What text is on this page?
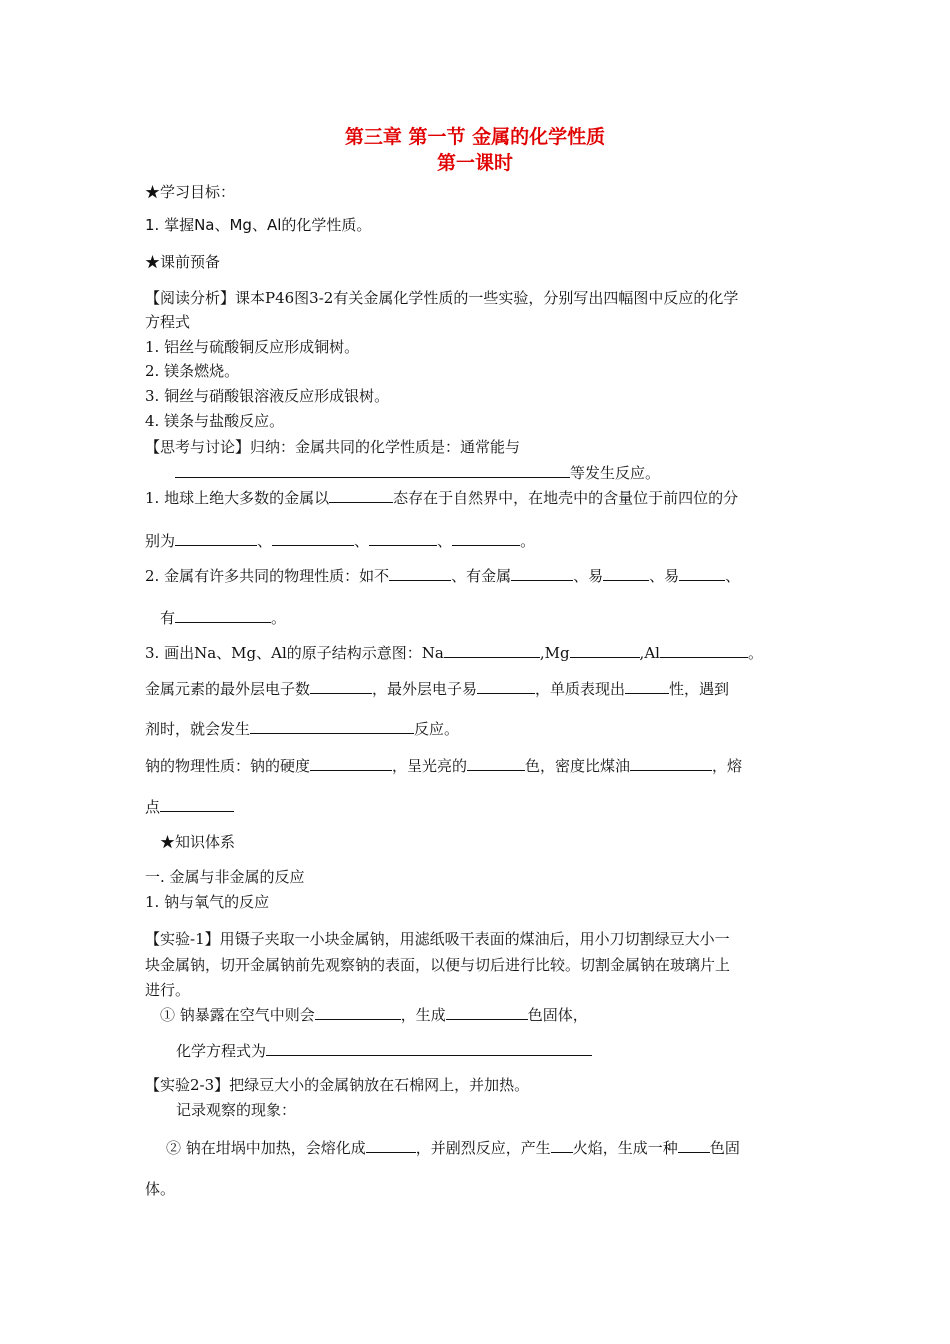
第三章 第一节 金属的化学性质
第一课时
★学习目标：
1. 掌握Na、Mg、Al的化学性质。
★课前预备
【阅读分析】课本P46图3-2有关金属化学性质的一些实验，分别写出四幅图中反应的化学
方程式
1. 铝丝与硫酸铜反应形成铜树。
2. 镁条燃烧。
3. 铜丝与硝酸银溶液反应形成银树。
4. 镁条与盐酸反应。
【思考与讨论】归纳：金属共同的化学性质是：通常能与
等发生反应。
1. 地球上绝大多数的金属以	态存在于自然界中，在地壳中的含量位于前四位的分
别为	、	、	、	。
2. 金属有许多共同的物理性质：如不	、有金属	、易	、易	、
有	。
3. 画出Na、Mg、Al的原子结构示意图：Na	,Mg	,Al	。
金属元素的最外层电子数	，最外层电子易	，单质表现出	性，遇到
剂时，就会发生	反应。
钠的物理性质：钠的硬度	，呈光亮的	色，密度比煤油	，熔
点
★知识体系
一. 金属与非金属的反应
1. 钠与氧气的反应
【实验-1】用镊子夹取一小块金属钠，用滤纸吸干表面的煤油后，用小刀切割绿豆大小一
块金属钠，切开金属钠前先观察钠的表面，以便与切后进行比较。切割金属钠在玻璃片上
进行。
① 钠暴露在空气中则会	，生成	色固体，
化学方程式为
【实验2-3】把绿豆大小的金属钠放在石棉网上，并加热。
记录观察的现象：
② 钠在坩埚中加热，会熔化成	，并剧烈反应，产生 火焰，生成一种 色固
体。
